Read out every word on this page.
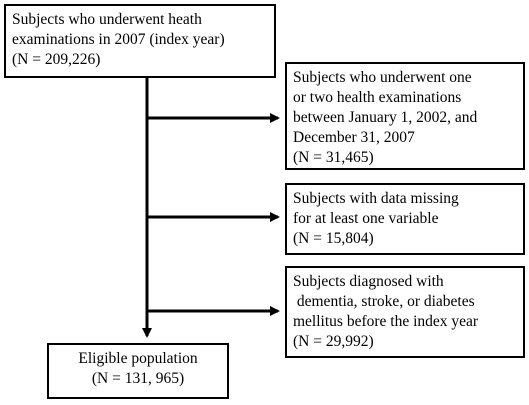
Subjects who underwent heath
examinations in 2007 (index year)
(N = 209,226)
Subjects who underwent one
or two health examinations
between January 1, 2002, and
December 31, 2007
(N = 31,465)
Subjects with data missing
for at least one variable
(N = 15,804)
Subjects diagnosed with
dementia, stroke, or diabetes
mellitus before the index year
(N = 29,992)
Eligible population
(N = 131, 965)
